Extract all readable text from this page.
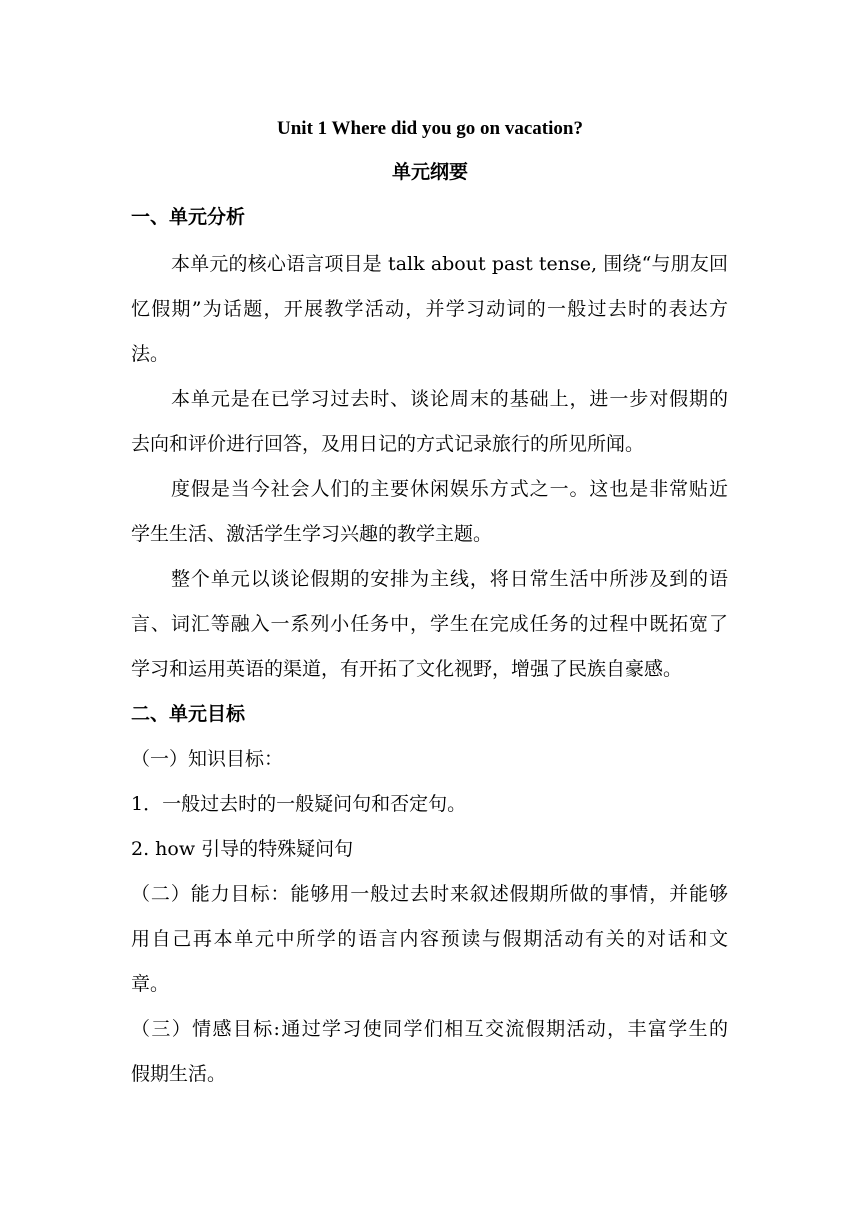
Unit 1 Where did you go on vacation?
单元纲要
一、单元分析
本单元的核心语言项目是 talk about past tense, 围绕“与朋友回
忆假期”为话题，开展教学活动，并学习动词的一般过去时的表达方
法。
本单元是在已学习过去时、谈论周末的基础上，进一步对假期的
去向和评价进行回答，及用日记的方式记录旅行的所见所闻。
度假是当今社会人们的主要休闲娱乐方式之一。这也是非常贴近
学生生活、激活学生学习兴趣的教学主题。
整个单元以谈论假期的安排为主线，将日常生活中所涉及到的语
言、词汇等融入一系列小任务中，学生在完成任务的过程中既拓宽了
学习和运用英语的渠道，有开拓了文化视野，增强了民族自豪感。
二、单元目标
（一）知识目标：
1．一般过去时的一般疑问句和否定句。
2. how 引导的特殊疑问句
（二）能力目标：能够用一般过去时来叙述假期所做的事情，并能够
用自己再本单元中所学的语言内容预读与假期活动有关的对话和文
章。
（三）情感目标:通过学习使同学们相互交流假期活动，丰富学生的
假期生活。
